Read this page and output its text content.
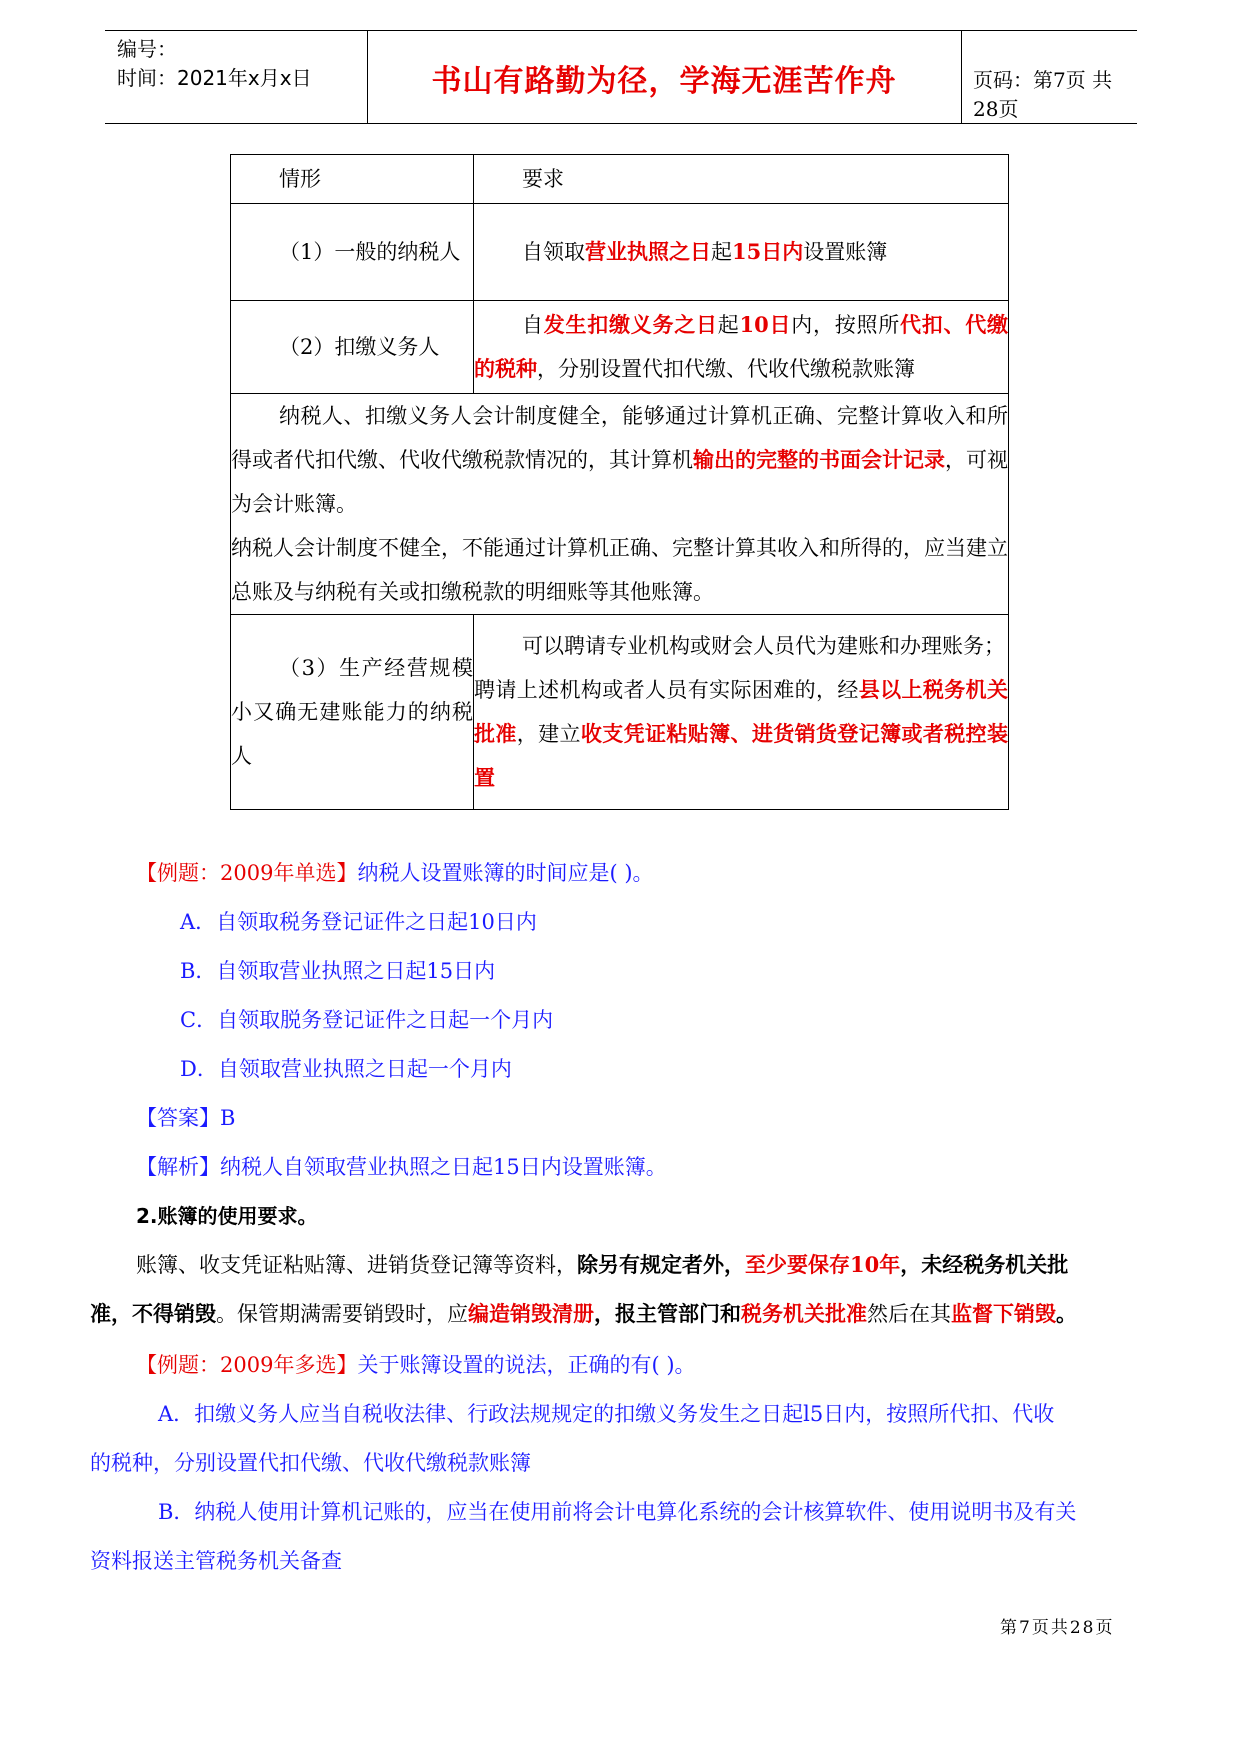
编号：
时间：2021年x月x日	书山有路勤为径，学海无涯苦作舟	页码：第7页 共28页
情形	要求
（1）一般的纳税人	自领取营业执照之日起15日内设置账簿
（2）扣缴义务人	自发生扣缴义务之日起10日内，按照所代扣、代缴的税种，分别设置代扣代缴、代收代缴税款账簿

纳税人、扣缴义务人会计制度健全，能够通过计算机正确、完整计算收入和所得或者代扣代缴、代收代缴税款情况的，其计算机输出的完整的书面会计记录，可视为会计账簿。
纳税人会计制度不健全，不能通过计算机正确、完整计算其收入和所得的，应当建立总账及与纳税有关或扣缴税款的明细账等其他账簿。	

（3）生产经营规模小又确无建账能力的纳税人	可以聘请专业机构或财会人员代为建账和办理账务；
聘请上述机构或者人员有实际困难的，经县以上税务机关批准，建立收支凭证粘贴簿、进货销货登记簿或者税控装置
【例题：2009年单选】纳税人设置账簿的时间应是( )。
A．自领取税务登记证件之日起10日内
B．自领取营业执照之日起15日内
C．自领取脱务登记证件之日起一个月内
D．自领取营业执照之日起一个月内
【答案】B
【解析】纳税人自领取营业执照之日起15日内设置账簿。
2.账簿的使用要求。
账簿、收支凭证粘贴簿、进销货登记簿等资料，除另有规定者外，至少要保存10年，未经税务机关批
准，不得销毁。保管期满需要销毁时，应编造销毁清册，报主管部门和税务机关批准然后在其监督下销毁。
【例题：2009年多选】关于账簿设置的说法，正确的有( )。
A．扣缴义务人应当自税收法律、行政法规规定的扣缴义务发生之日起l5日内，按照所代扣、代收
的税种，分别设置代扣代缴、代收代缴税款账簿
B．纳税人使用计算机记账的，应当在使用前将会计电算化系统的会计核算软件、使用说明书及有关
资料报送主管税务机关备查
第7页共28页
